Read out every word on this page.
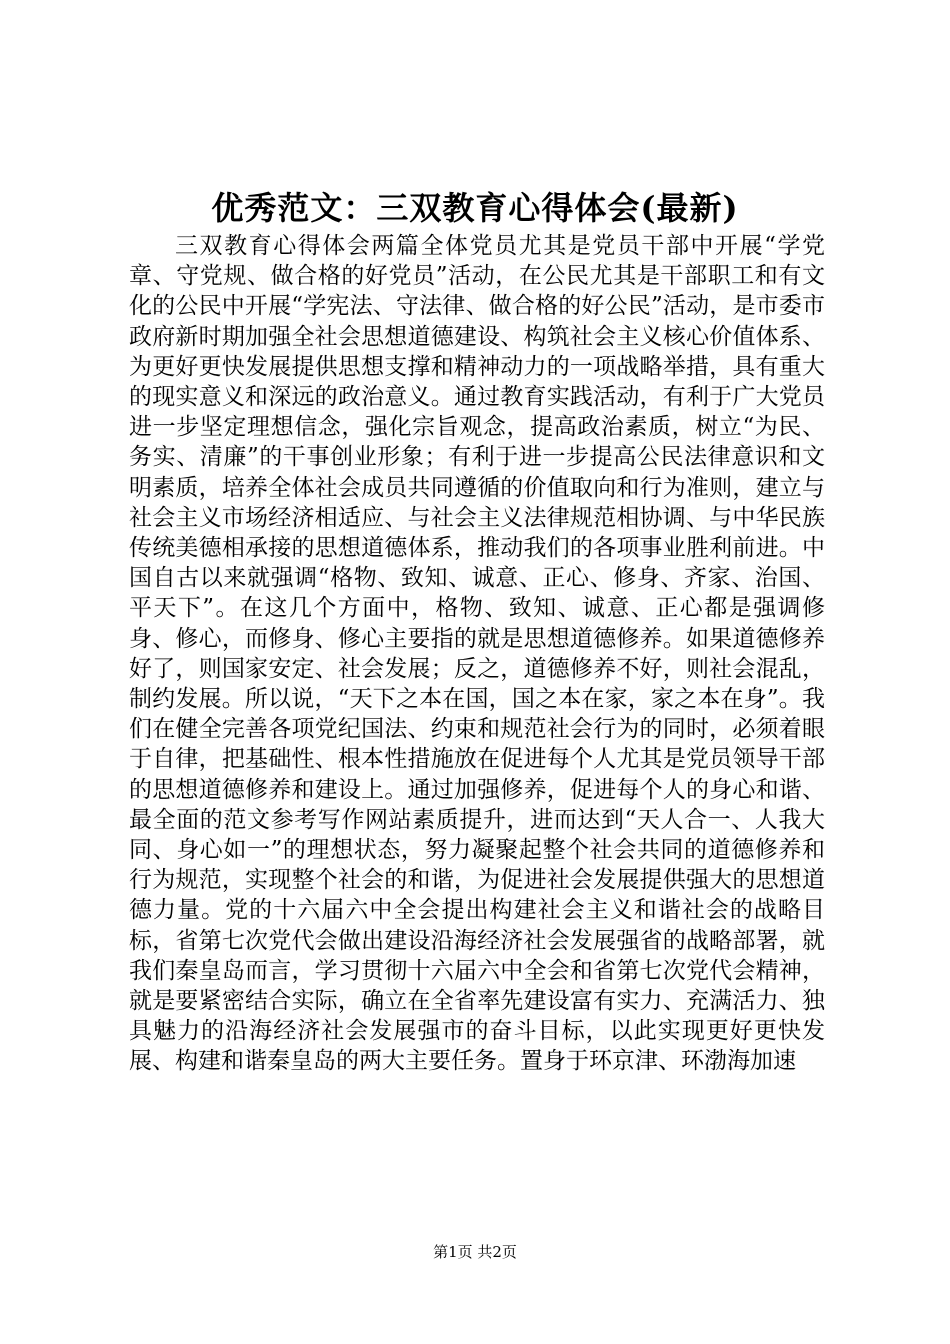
优秀范文：三双教育心得体会(最新)

三双教育心得体会两篇全体党员尤其是党员干部中开展“学党章、守党规、做合格的好党员”活动，在公民尤其是干部职工和有文化的公民中开展“学宪法、守法律、做合格的好公民”活动，是市委市政府新时期加强全社会思想道德建设、构筑社会主义核心价值体系、为更好更快发展提供思想支撑和精神动力的一项战略举措，具有重大的现实意义和深远的政治意义。通过教育实践活动，有利于广大党员进一步坚定理想信念，强化宗旨观念，提高政治素质，树立“为民、务实、清廉”的干事创业形象；有利于进一步提高公民法律意识和文明素质，培养全体社会成员共同遵循的价值取向和行为准则，建立与社会主义市场经济相适应、与社会主义法律规范相协调、与中华民族传统美德相承接的思想道德体系，推动我们的各项事业胜利前进。中国自古以来就强调“格物、致知、诚意、正心、修身、齐家、治国、平天下”。在这几个方面中，格物、致知、诚意、正心都是强调修身、修心，而修身、修心主要指的就是思想道德修养。如果道德修养好了，则国家安定、社会发展；反之，道德修养不好，则社会混乱，制约发展。所以说，“天下之本在国，国之本在家，家之本在身”。我们在健全完善各项党纪国法、约束和规范社会行为的同时，必须着眼于自律，把基础性、根本性措施放在促进每个人尤其是党员领导干部的思想道德修养和建设上。通过加强修养，促进每个人的身心和谐、最全面的范文参考写作网站素质提升，进而达到“天人合一、人我大同、身心如一”的理想状态，努力凝聚起整个社会共同的道德修养和行为规范，实现整个社会的和谐，为促进社会发展提供强大的思想道德力量。党的十六届六中全会提出构建社会主义和谐社会的战略目标，省第七次党代会做出建设沿海经济社会发展强省的战略部署，就我们秦皇岛而言，学习贯彻十六届六中全会和省第七次党代会精神，就是要紧密结合实际，确立在全省率先建设富有实力、充满活力、独具魅力的沿海经济社会发展强市的奋斗目标，以此实现更好更快发展、构建和谐秦皇岛的两大主要任务。置身于环京津、环渤海加速

第1页 共2页
